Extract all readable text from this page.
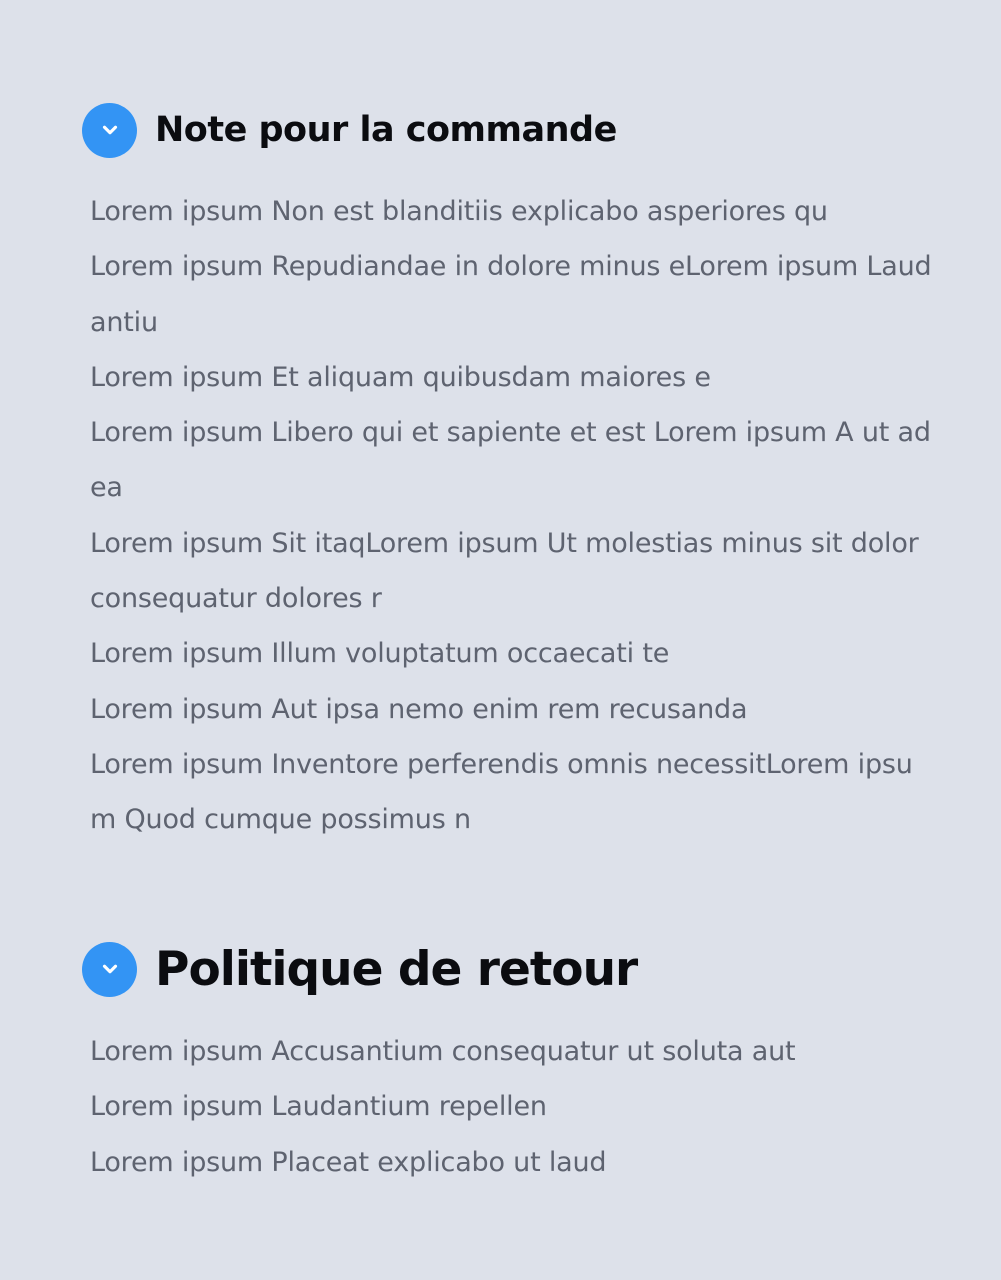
Note pour la commande
Lorem ipsum Non est blanditiis explicabo asperiores qu
Lorem ipsum Repudiandae in dolore minus eLorem ipsum Laudantiu
Lorem ipsum Et aliquam quibusdam maiores e
Lorem ipsum Libero qui et sapiente et est Lorem ipsum A ut ad ea
Lorem ipsum Sit itaqLorem ipsum Ut molestias minus sit dolor consequatur dolores r
Lorem ipsum Illum voluptatum occaecati te
Lorem ipsum Aut ipsa nemo enim rem recusanda
Lorem ipsum Inventore perferendis omnis necessitLorem ipsum Quod cumque possimus n
Politique de retour
Lorem ipsum Accusantium consequatur ut soluta aut
Lorem ipsum Laudantium repellen
Lorem ipsum Placeat explicabo ut laud
